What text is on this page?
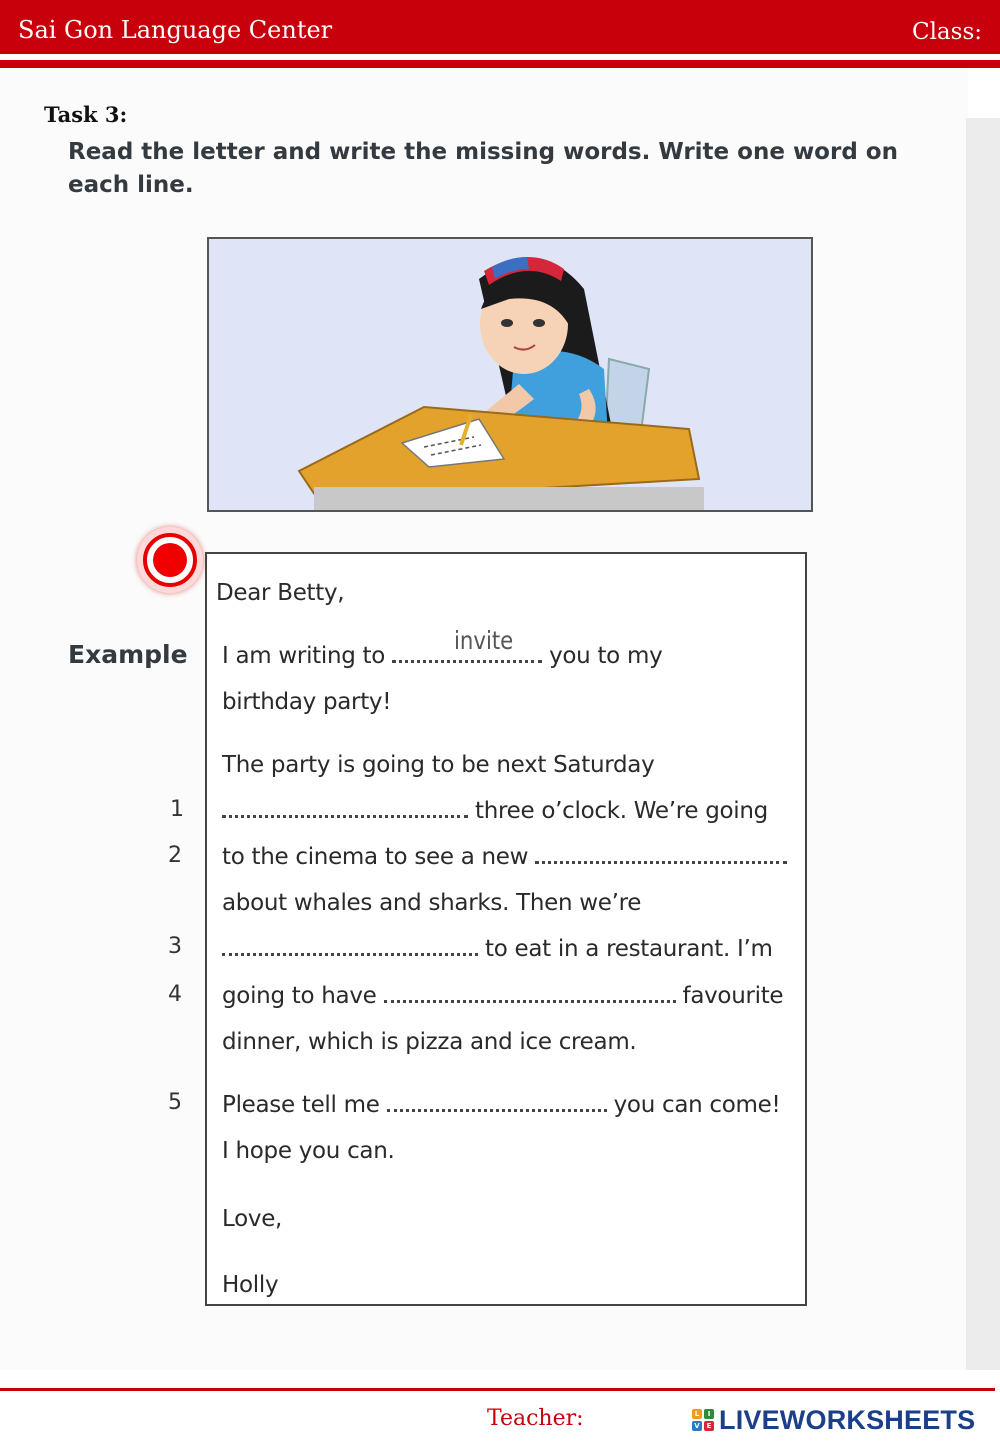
Sai Gon Language Center	Class:
Task 3:
Read the letter and write the missing words. Write one word on
each line.
Example
1
2
3
4
5
Dear Betty,
I am writing to	you to my
invite
birthday party!
The party is going to be next Saturday
three o’clock. We’re going
to the cinema to see a new
about whales and sharks. Then we’re
to eat in a restaurant. I’m
going to have	favourite
dinner, which is pizza and ice cream.
Please tell me	you can come!
I hope you can.
Love,
Holly
Teacher:	L	I
V E LIVEWORKSHEETS
